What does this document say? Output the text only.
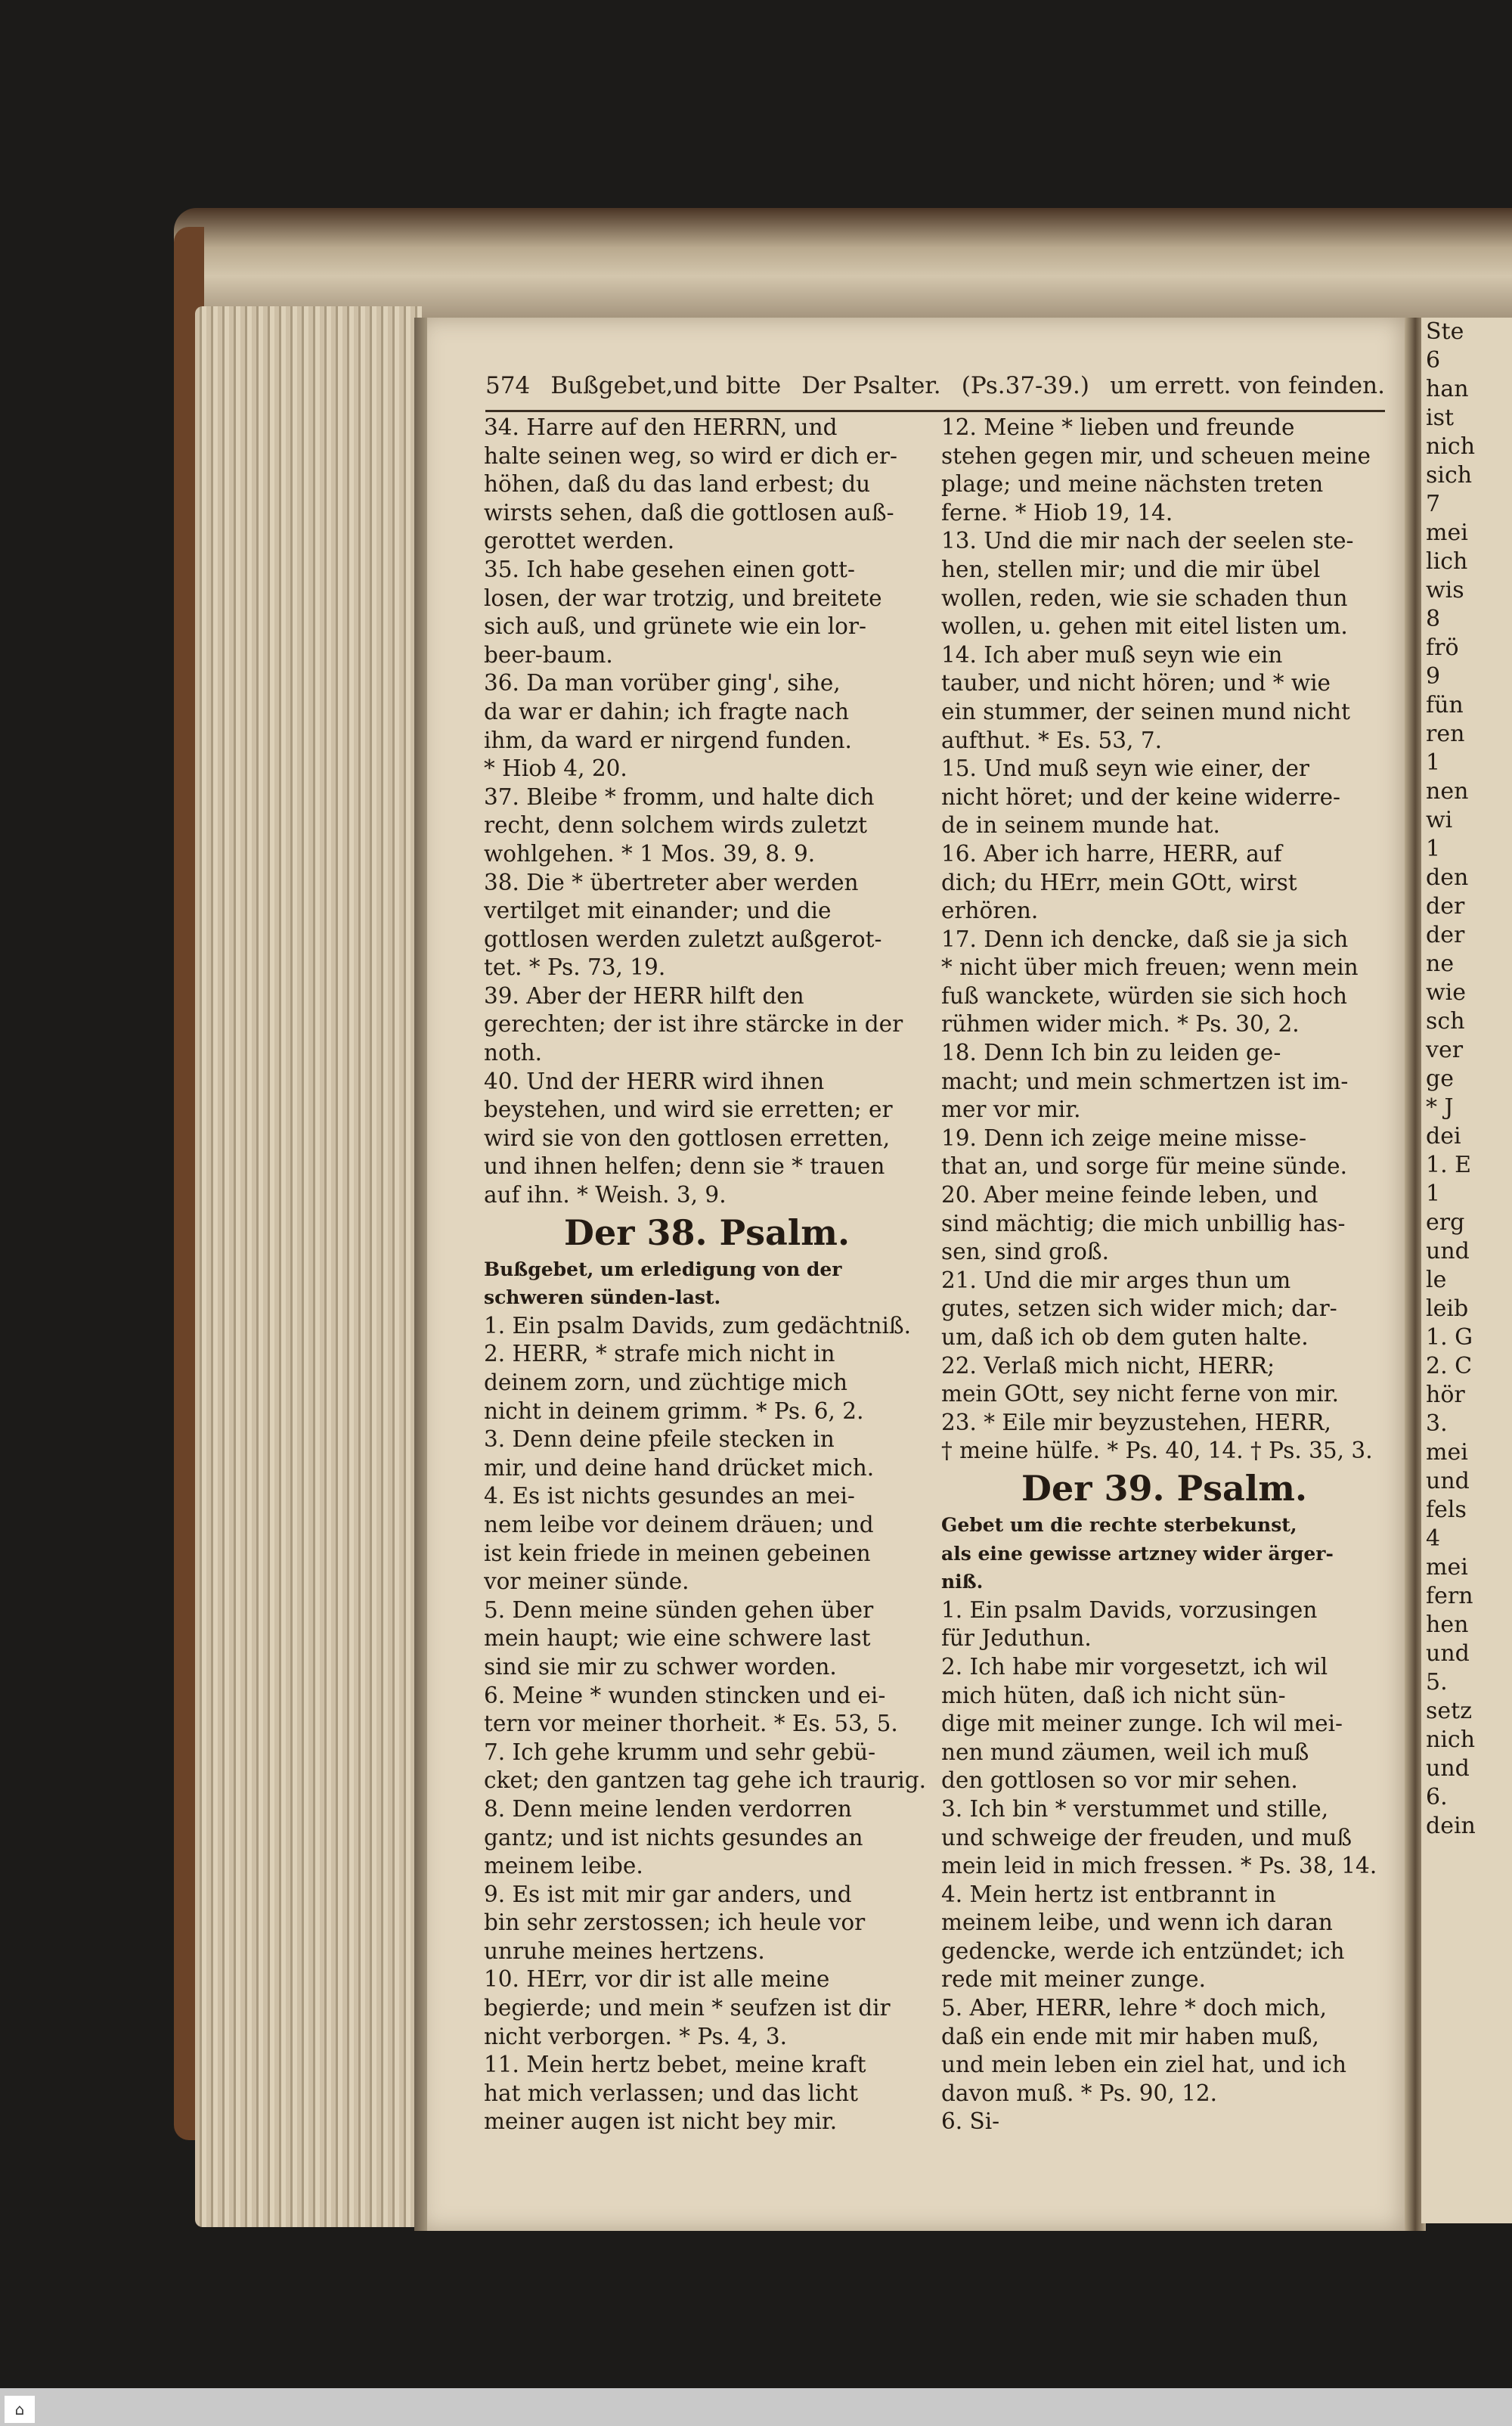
Ste
6
han
ist
nich
sich
7
mei
lich
wis
8
frö
9
fün
ren
1
nen
wi
1
den
der
der
ne
wie
sch
ver
ge
* J
dei
1. E
1
erg
und
le
leib
1. G
2. C
hör
3.
mei
und
fels
4
mei
fern
hen
und
5.
setz
nich
und
6.
dein
574 Bußgebet,und bitte Der Psalter. (Ps.37-39.) um errett. von feinden.
34. Harre auf den HERRN, und
halte seinen weg, so wird er dich er-
höhen, daß du das land erbest; du
wirsts sehen, daß die gottlosen auß-
gerottet werden.
35. Ich habe gesehen einen gott-
losen, der war trotzig, und breitete
sich auß, und grünete wie ein lor-
beer-baum.
36. Da man vorüber ging', sihe,
da war er dahin; ich fragte nach
ihm, da ward er nirgend funden.
* Hiob 4, 20.
37. Bleibe * fromm, und halte dich
recht, denn solchem wirds zuletzt
wohlgehen. * 1 Mos. 39, 8. 9.
38. Die * übertreter aber werden
vertilget mit einander; und die
gottlosen werden zuletzt außgerot-
tet. * Ps. 73, 19.
39. Aber der HERR hilft den
gerechten; der ist ihre stärcke in der
noth.
40. Und der HERR wird ihnen
beystehen, und wird sie erretten; er
wird sie von den gottlosen erretten,
und ihnen helfen; denn sie * trauen
auf ihn. * Weish. 3, 9.
Der 38. Psalm.
Bußgebet, um erledigung von der
schweren sünden-last.
1. Ein psalm Davids, zum gedächtniß.
2. HERR, * strafe mich nicht in
deinem zorn, und züchtige mich
nicht in deinem grimm. * Ps. 6, 2.
3. Denn deine pfeile stecken in
mir, und deine hand drücket mich.
4. Es ist nichts gesundes an mei-
nem leibe vor deinem dräuen; und
ist kein friede in meinen gebeinen
vor meiner sünde.
5. Denn meine sünden gehen über
mein haupt; wie eine schwere last
sind sie mir zu schwer worden.
6. Meine * wunden stincken und ei-
tern vor meiner thorheit. * Es. 53, 5.
7. Ich gehe krumm und sehr gebü-
cket; den gantzen tag gehe ich traurig.
8. Denn meine lenden verdorren
gantz; und ist nichts gesundes an
meinem leibe.
9. Es ist mit mir gar anders, und
bin sehr zerstossen; ich heule vor
unruhe meines hertzens.
10. HErr, vor dir ist alle meine
begierde; und mein * seufzen ist dir
nicht verborgen. * Ps. 4, 3.
11. Mein hertz bebet, meine kraft
hat mich verlassen; und das licht
meiner augen ist nicht bey mir.
12. Meine * lieben und freunde
stehen gegen mir, und scheuen meine
plage; und meine nächsten treten
ferne. * Hiob 19, 14.
13. Und die mir nach der seelen ste-
hen, stellen mir; und die mir übel
wollen, reden, wie sie schaden thun
wollen, u. gehen mit eitel listen um.
14. Ich aber muß seyn wie ein
tauber, und nicht hören; und * wie
ein stummer, der seinen mund nicht
aufthut. * Es. 53, 7.
15. Und muß seyn wie einer, der
nicht höret; und der keine widerre-
de in seinem munde hat.
16. Aber ich harre, HERR, auf
dich; du HErr, mein GOtt, wirst
erhören.
17. Denn ich dencke, daß sie ja sich
* nicht über mich freuen; wenn mein
fuß wanckete, würden sie sich hoch
rühmen wider mich. * Ps. 30, 2.
18. Denn Ich bin zu leiden ge-
macht; und mein schmertzen ist im-
mer vor mir.
19. Denn ich zeige meine misse-
that an, und sorge für meine sünde.
20. Aber meine feinde leben, und
sind mächtig; die mich unbillig has-
sen, sind groß.
21. Und die mir arges thun um
gutes, setzen sich wider mich; dar-
um, daß ich ob dem guten halte.
22. Verlaß mich nicht, HERR;
mein GOtt, sey nicht ferne von mir.
23. * Eile mir beyzustehen, HERR,
† meine hülfe. * Ps. 40, 14. † Ps. 35, 3.
Der 39. Psalm.
Gebet um die rechte sterbekunst,
als eine gewisse artzney wider ärger-
niß.
1. Ein psalm Davids, vorzusingen
für Jeduthun.
2. Ich habe mir vorgesetzt, ich wil
mich hüten, daß ich nicht sün-
dige mit meiner zunge. Ich wil mei-
nen mund zäumen, weil ich muß
den gottlosen so vor mir sehen.
3. Ich bin * verstummet und stille,
und schweige der freuden, und muß
mein leid in mich fressen. * Ps. 38, 14.
4. Mein hertz ist entbrannt in
meinem leibe, und wenn ich daran
gedencke, werde ich entzündet; ich
rede mit meiner zunge.
5. Aber, HERR, lehre * doch mich,
daß ein ende mit mir haben muß,
und mein leben ein ziel hat, und ich
davon muß. * Ps. 90, 12.
6. Si-
⌂
